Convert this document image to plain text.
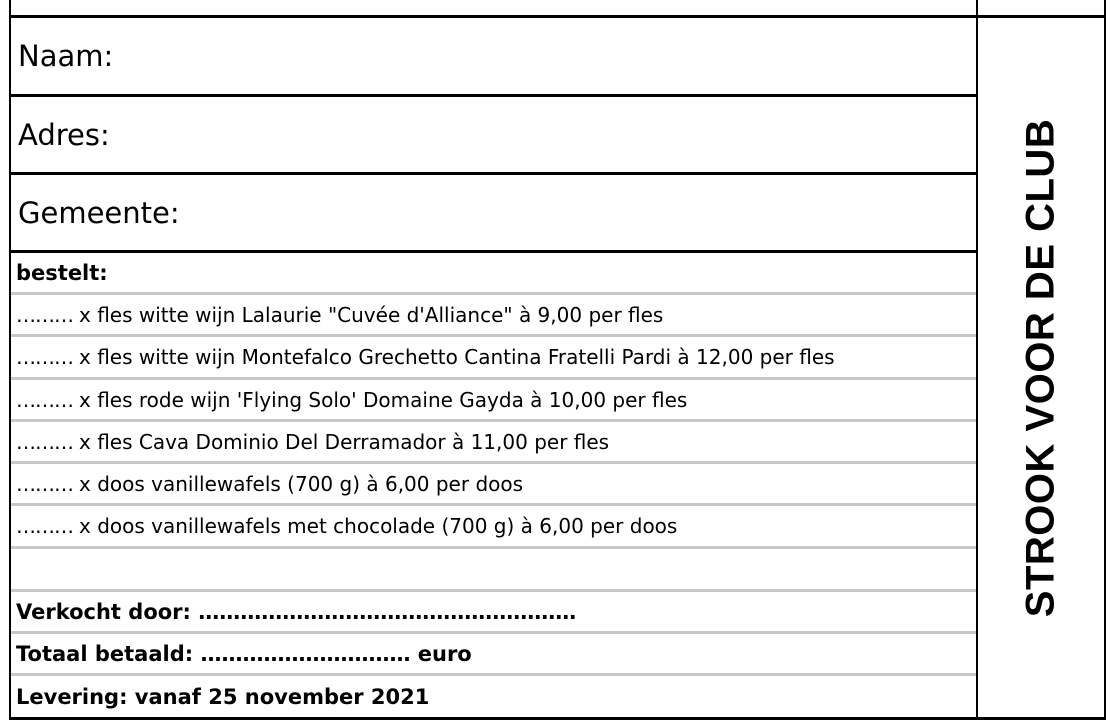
Naam:
Adres:
Gemeente:
bestelt:
……… x fles witte wijn Lalaurie "Cuvée d'Alliance" à 9,00 per fles
……… x fles witte wijn Montefalco Grechetto Cantina Fratelli Pardi à 12,00 per fles
……… x fles rode wijn 'Flying Solo' Domaine Gayda à 10,00 per fles
……… x fles Cava Dominio Del Derramador à 11,00 per fles
……… x doos vanillewafels (700 g) à 6,00 per doos
……… x doos vanillewafels met chocolade (700 g) à 6,00 per doos
Verkocht door: ………………………………………………
Totaal betaald: ………………………… euro
Levering: vanaf 25 november 2021
STROOK VOOR DE CLUB
